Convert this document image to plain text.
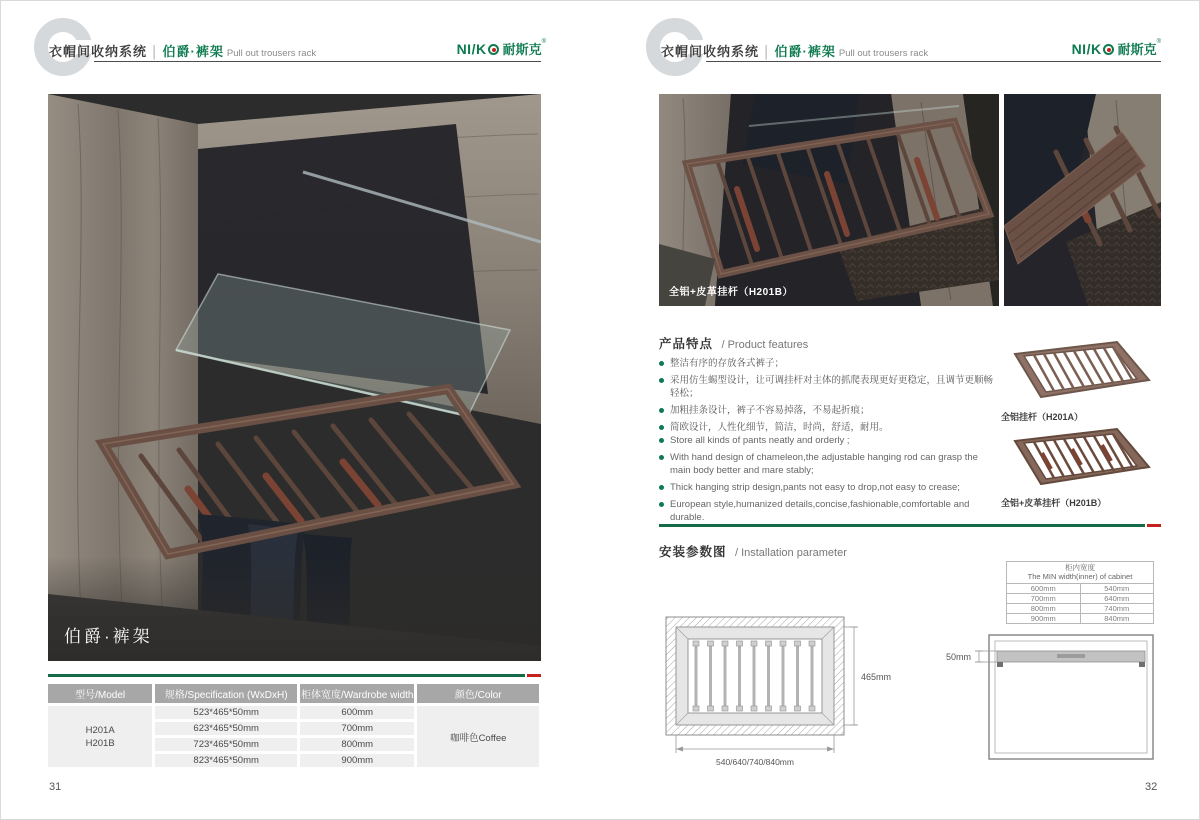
衣帽间收纳系统 │ 伯爵·裤架 Pull out trousers rack	NI/K 耐斯克®
伯爵·裤架
型号/Model	规格/Specification (WxDxH)	柜体宽度/Wardrobe width	颜色/Color

H201A
H201B	523*465*50mm	600mm	咖啡色Coffee
	623*465*50mm	700mm	
	723*465*50mm	800mm	
	823*465*50mm	900mm	
31
衣帽间收纳系统 │ 伯爵·裤架 Pull out trousers rack	NI/K 耐斯克®
全铝+皮革挂杆（H201B）
产品特点 / Product features
整洁有序的存放各式裤子；
采用仿生蜴型设计，让可调挂杆对主体的抓爬表现更好更稳定，且调节更顺畅轻松；
加粗挂条设计，裤子不容易掉落，不易起折痕；
简欧设计，人性化细节，简洁，时尚，舒适，耐用。
Store all kinds of pants neatly and orderly ;
With hand design of chameleon,the adjustable hanging rod can grasp the main body better and mare stably;
Thick hanging strip design,pants not easy to drop,not easy to crease;
European style,humanized details,concise,fashionable,comfortable and durable.
全铝挂杆（H201A）
全铝+皮革挂杆（H201B）
安装参数图 / Installation parameter
柜内宽度
The MIN width(inner) of cabinet	

600mm	540mm
700mm	640mm
800mm	740mm
900mm	840mm
465mm
540/640/740/840mm
50mm
32
